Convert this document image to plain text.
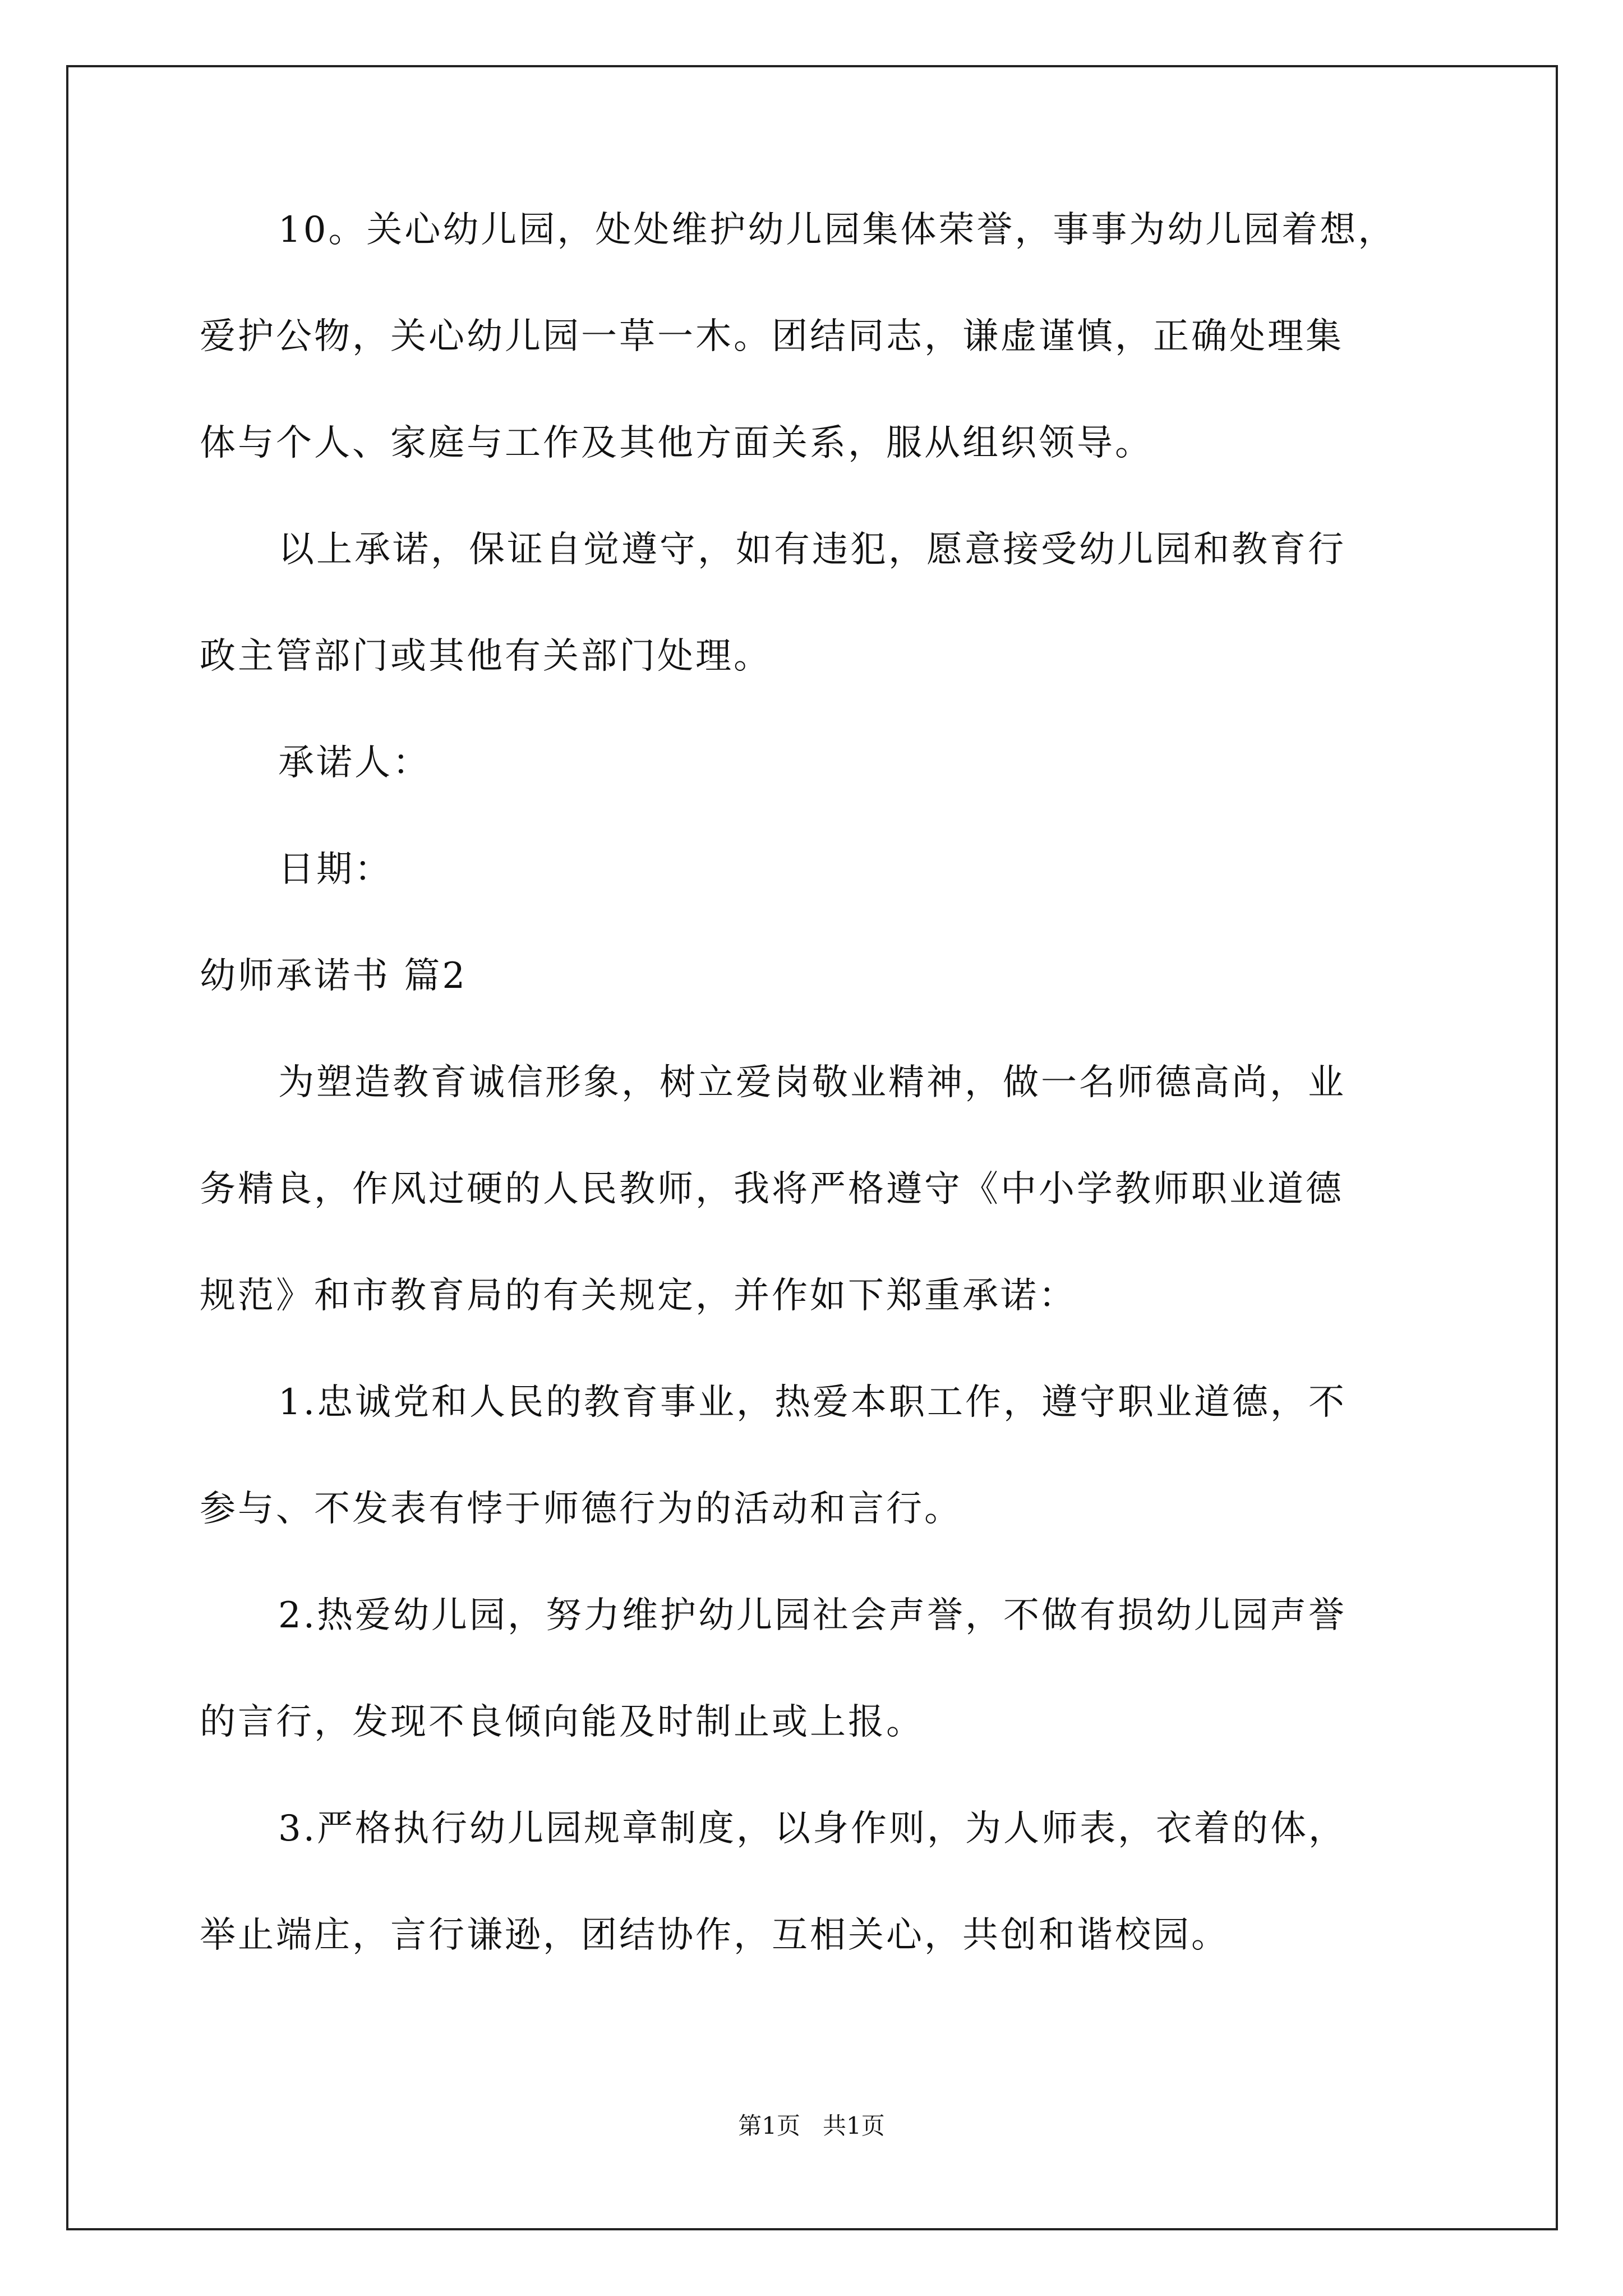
10。关心幼儿园，处处维护幼儿园集体荣誉，事事为幼儿园着想，
爱护公物，关心幼儿园一草一木。团结同志，谦虚谨慎，正确处理集
体与个人、家庭与工作及其他方面关系，服从组织领导。
以上承诺，保证自觉遵守，如有违犯，愿意接受幼儿园和教育行
政主管部门或其他有关部门处理。
承诺人：
日期：
幼师承诺书 篇2
为塑造教育诚信形象，树立爱岗敬业精神，做一名师德高尚，业
务精良，作风过硬的人民教师，我将严格遵守《中小学教师职业道德
规范》和市教育局的有关规定，并作如下郑重承诺：
1.忠诚党和人民的教育事业，热爱本职工作，遵守职业道德，不
参与、不发表有悖于师德行为的活动和言行。
2.热爱幼儿园，努力维护幼儿园社会声誉，不做有损幼儿园声誉
的言行，发现不良倾向能及时制止或上报。
3.严格执行幼儿园规章制度，以身作则，为人师表，衣着的体，
举止端庄，言行谦逊，团结协作，互相关心，共创和谐校园。
第1页   共1页
